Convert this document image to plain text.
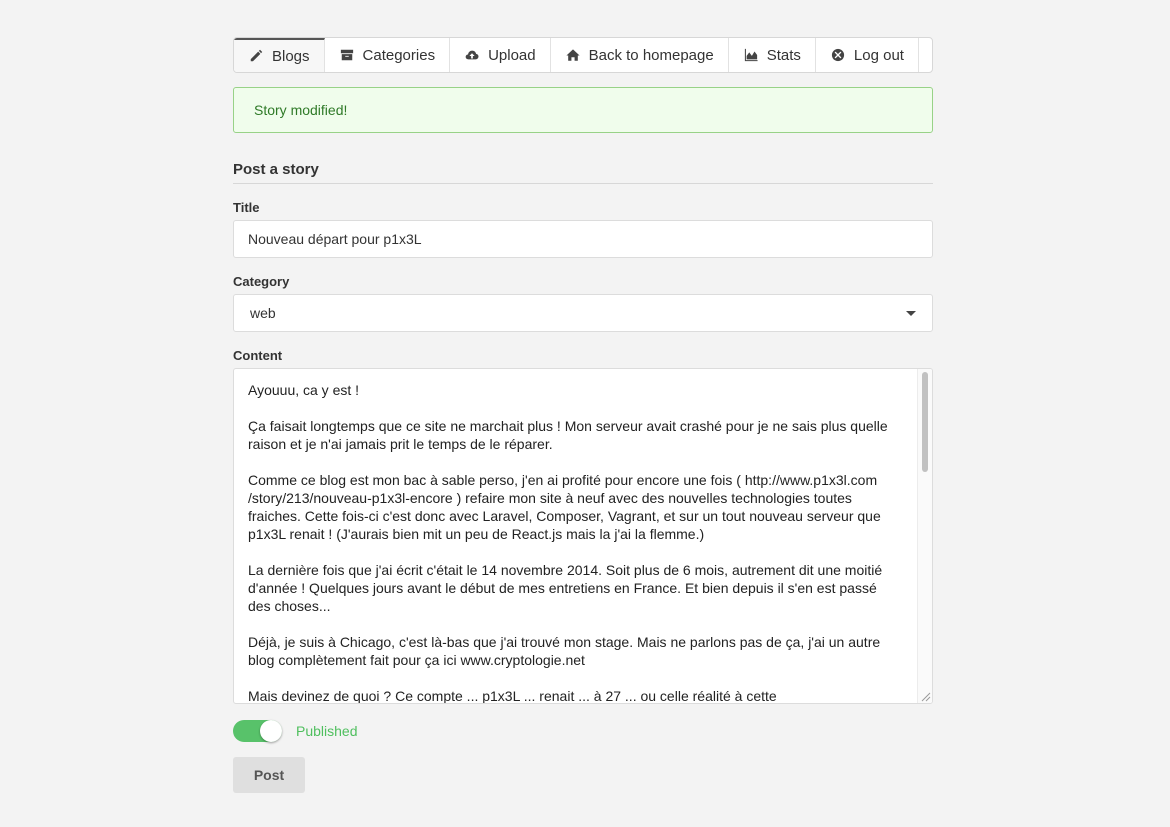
Blogs	Categories	Upload	Back to homepage	Stats	Log out
Story modified!
Post a story
Title
Nouveau départ pour p1x3L
Category
web
Content

Ayouuu, ca y est !

Ça faisait longtemps que ce site ne marchait plus ! Mon serveur avait crashé pour je ne sais plus quelle raison et je n'ai jamais prit le temps de le réparer.

Comme ce blog est mon bac à sable perso, j'en ai profité pour encore une fois ( http://www.p1x3l.com /story/213/nouveau-p1x3l-encore ) refaire mon site à neuf avec des nouvelles technologies toutes fraiches. Cette fois-ci c'est donc avec Laravel, Composer, Vagrant, et sur un tout nouveau serveur que p1x3L renait ! (J'aurais bien mit un peu de React.js mais la j'ai la flemme.)

La dernière fois que j'ai écrit c'était le 14 novembre 2014. Soit plus de 6 mois, autrement dit une moitié d'année ! Quelques jours avant le début de mes entretiens en France. Et bien depuis il s'en est passé des choses...

Déjà, je suis à Chicago, c'est là-bas que j'ai trouvé mon stage. Mais ne parlons pas de ça, j'ai un autre blog complètement fait pour ça ici www.cryptologie.net

Mais devinez de quoi ? Ce compte ... p1x3L ... renait ... à 27 ... ou celle réalité à cette

Published
Post
